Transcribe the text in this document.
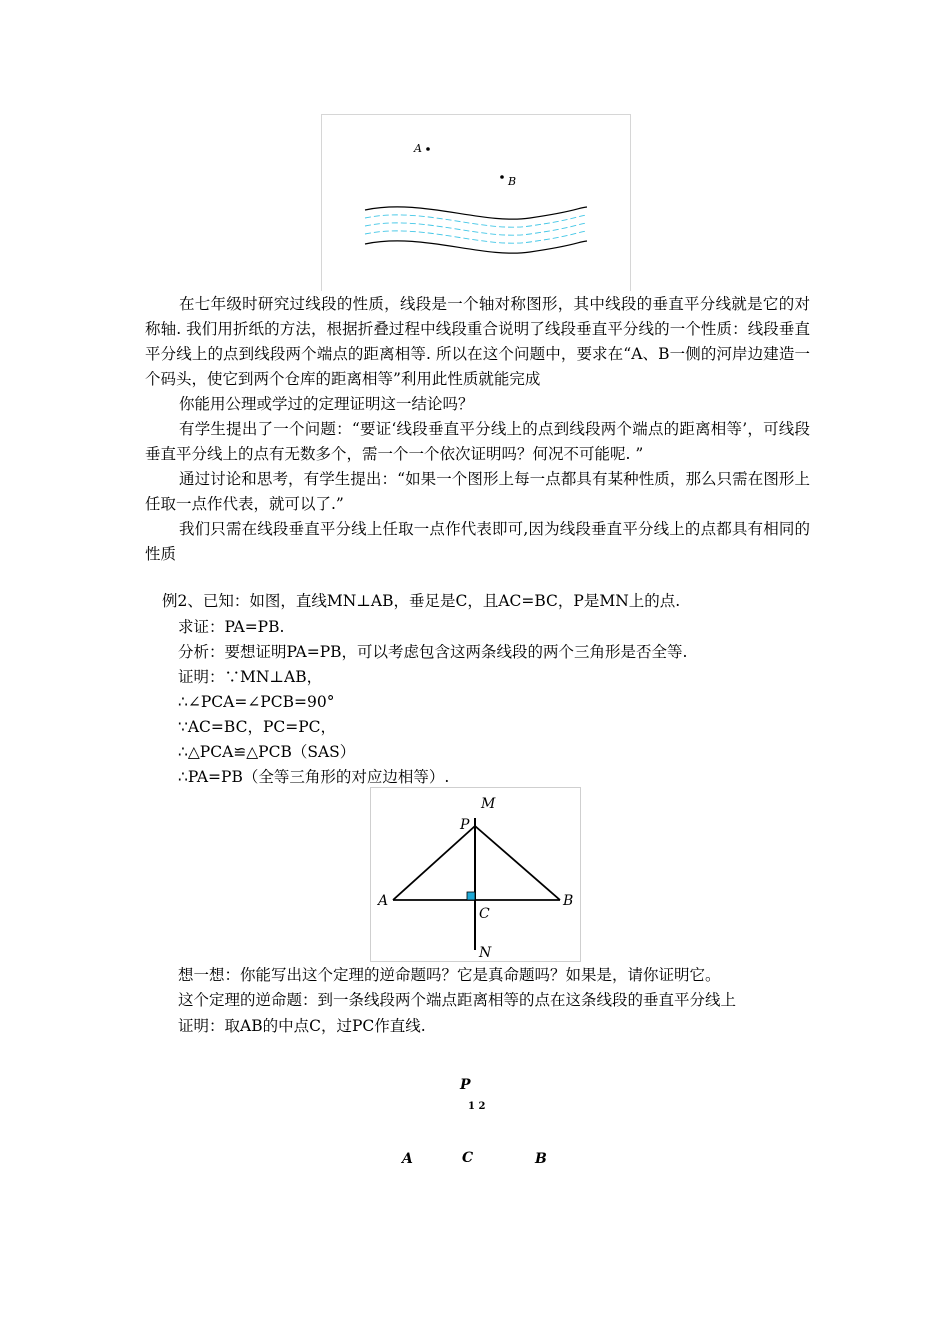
A
B

在七年级时研究过线段的性质，线段是一个轴对称图形，其中线段的垂直平分线就是它的对称轴. 我们用折纸的方法，根据折叠过程中线段重合说明了线段垂直平分线的一个性质：线段垂直平分线上的点到线段两个端点的距离相等. 所以在这个问题中，要求在“A、B一侧的河岸边建造一个码头，使它到两个仓库的距离相等”利用此性质就能完成

你能用公理或学过的定理证明这一结论吗？

有学生提出了一个问题：“要证‘线段垂直平分线上的点到线段两个端点的距离相等’，可线段垂直平分线上的点有无数多个，需一个一个依次证明吗？何况不可能呢. ”

通过讨论和思考，有学生提出：“如果一个图形上每一点都具有某种性质，那么只需在图形上任取一点作代表，就可以了.”

我们只需在线段垂直平分线上任取一点作代表即可,因为线段垂直平分线上的点都具有相同的性质

例2、已知：如图，直线MN⊥AB，垂足是C，且AC=BC，P是MN上的点.
求证：PA=PB.
分析：要想证明PA=PB，可以考虑包含这两条线段的两个三角形是否全等.
证明：∵MN⊥AB，
∴∠PCA=∠PCB=90°
∵AC=BC，PC=PC，
∴△PCA≌△PCB（SAS）
∴PA=PB（全等三角形的对应边相等）.
M
P
A	B
C
N
想一想：你能写出这个定理的逆命题吗？它是真命题吗？如果是，请你证明它。
这个定理的逆命题：到一条线段两个端点距离相等的点在这条线段的垂直平分线上
证明：取AB的中点C，过PC作直线.
P
1 2
A	C	B
